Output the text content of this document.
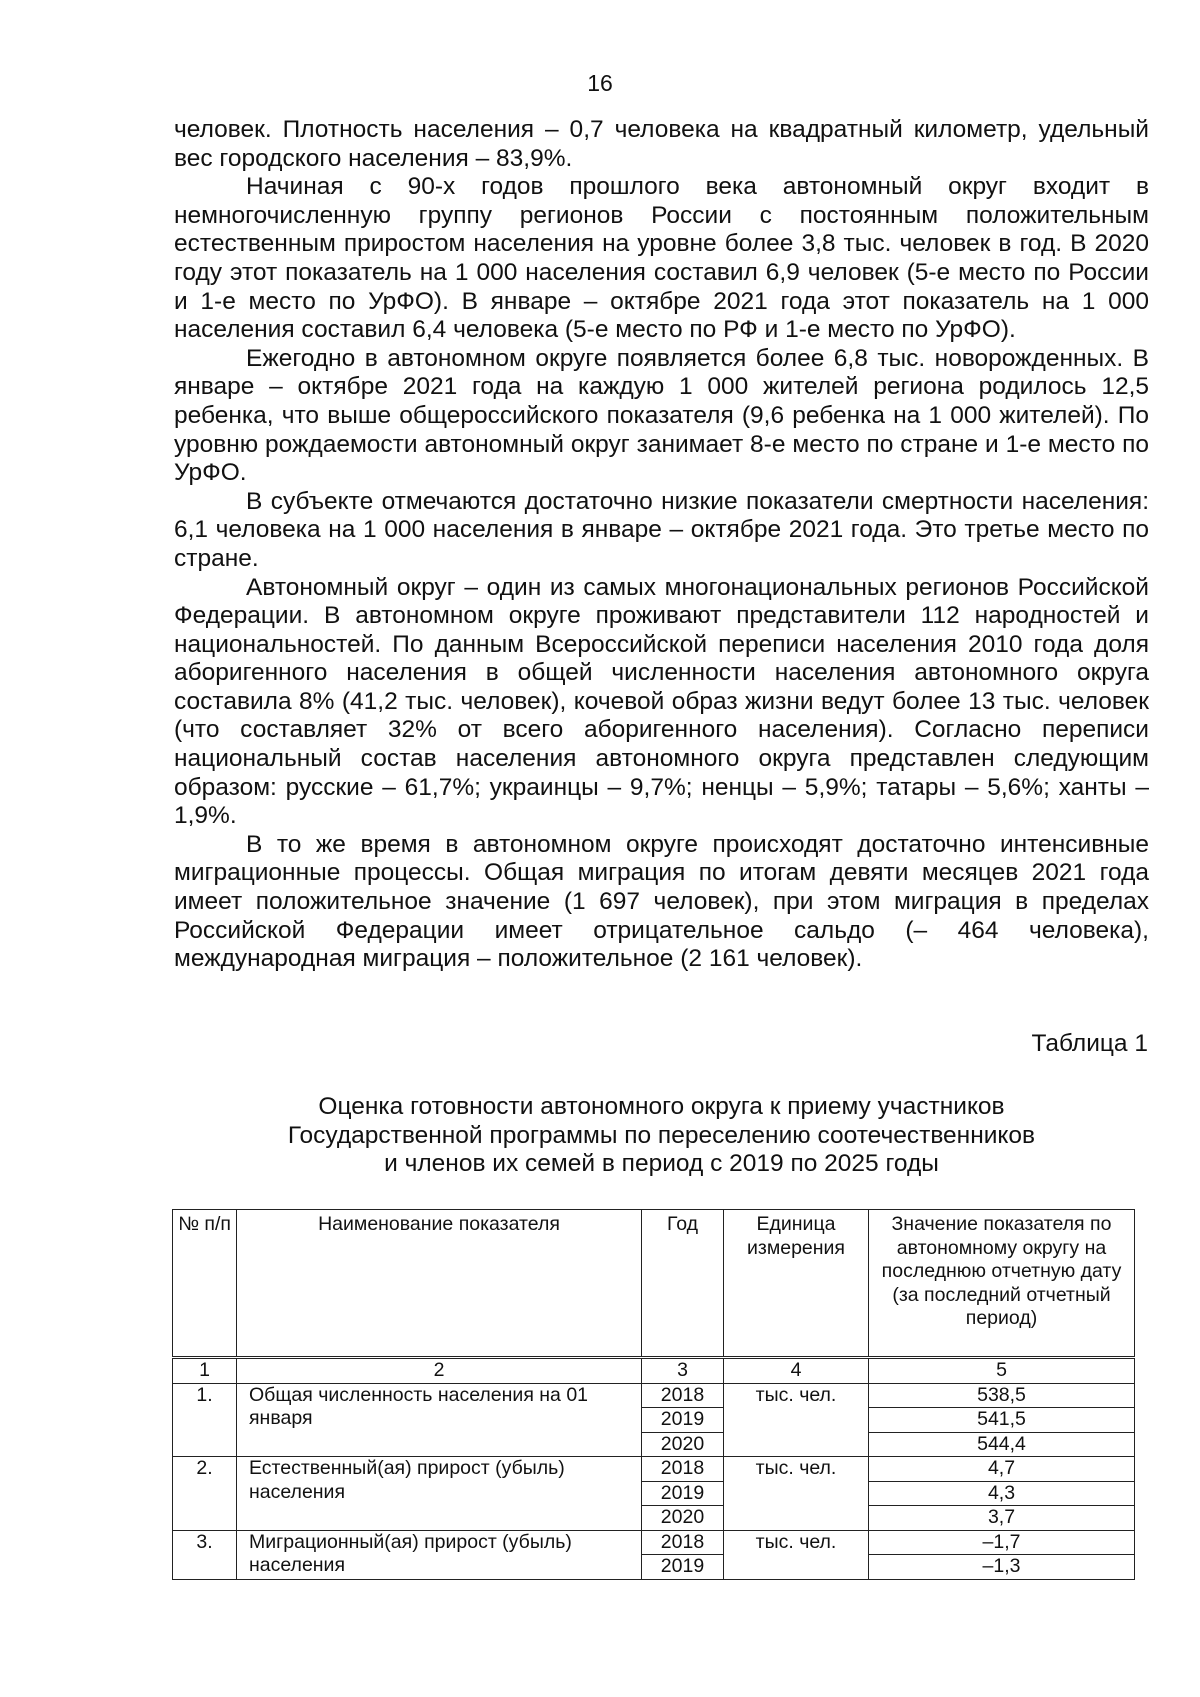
16

человек. Плотность населения – 0,7 человека на квадратный километр, удельный вес городского населения – 83,9%.

Начиная с 90-х годов прошлого века автономный округ входит в немногочисленную группу регионов России с постоянным положительным естественным приростом населения на уровне более 3,8 тыс. человек в год. В 2020 году этот показатель на 1 000 населения составил 6,9 человек (5-е место по России и 1-е место по УрФО). В январе – октябре 2021 года этот показатель на 1 000 населения составил 6,4 человека (5-е место по РФ и 1-е место по УрФО).

Ежегодно в автономном округе появляется более 6,8 тыс. новорожденных. В январе – октябре 2021 года на каждую 1 000 жителей региона родилось 12,5 ребенка, что выше общероссийского показателя (9,6 ребенка на 1 000 жителей). По уровню рождаемости автономный округ занимает 8-е место по стране и 1-е место по УрФО.

В субъекте отмечаются достаточно низкие показатели смертности населения: 6,1 человека на 1 000 населения в январе – октябре 2021 года. Это третье место по стране.

Автономный округ – один из самых многонациональных регионов Российской Федерации. В автономном округе проживают представители 112 народностей и национальностей. По данным Всероссийской переписи населения 2010 года доля аборигенного населения в общей численности населения автономного округа составила 8% (41,2 тыс. человек), кочевой образ жизни ведут более 13 тыс. человек (что составляет 32% от всего аборигенного населения). Согласно переписи национальный состав населения автономного округа представлен следующим образом: русские – 61,7%; украинцы – 9,7%; ненцы – 5,9%; татары – 5,6%; ханты – 1,9%.

В то же время в автономном округе происходят достаточно интенсивные миграционные процессы. Общая миграция по итогам девяти месяцев 2021 года имеет положительное значение (1 697 человек), при этом миграция в пределах Российской Федерации имеет отрицательное сальдо (– 464 человека), международная миграция – положительное (2 161 человек).

Таблица 1
Оценка готовности автономного округа к приему участников
Государственной программы по переселению соотечественников
и членов их семей в период с 2019 по 2025 годы
№ п/п	Наименование показателя	Год	Единица измерения	Значение показателя по автономному округу на последнюю отчетную дату (за последний отчетный период)
1	2	3	4	5
1.	Общая численность населения на 01 января	2018	тыс. чел.	538,5
		2019		541,5
		2020		544,4
2.	Естественный(ая) прирост (убыль) населения	2018	тыс. чел.	4,7
		2019		4,3
		2020		3,7
3.	Миграционный(ая) прирост (убыль) населения	2018	тыс. чел.	–1,7
		2019		–1,3
